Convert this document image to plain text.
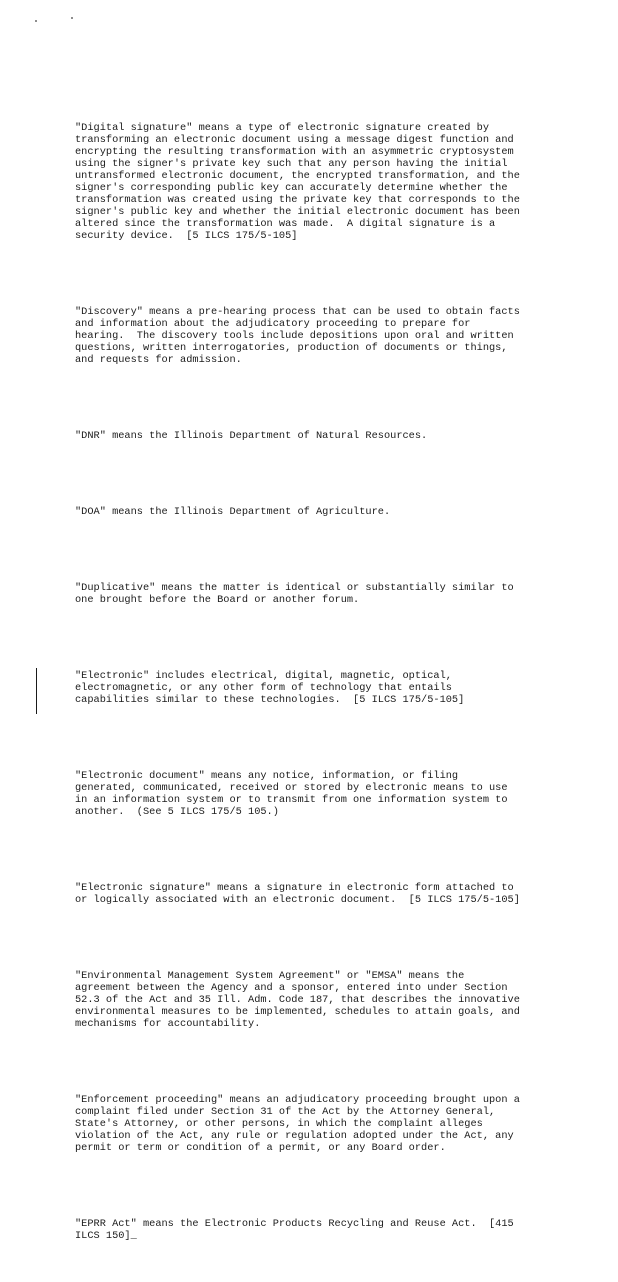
"Digital signature" means a type of electronic signature created by
transforming an electronic document using a message digest function and
encrypting the resulting transformation with an asymmetric cryptosystem
using the signer's private key such that any person having the initial
untransformed electronic document, the encrypted transformation, and the
signer's corresponding public key can accurately determine whether the
transformation was created using the private key that corresponds to the
signer's public key and whether the initial electronic document has been
altered since the transformation was made.  A digital signature is a
security device.  [5 ILCS 175/5-105]

"Discovery" means a pre-hearing process that can be used to obtain facts
and information about the adjudicatory proceeding to prepare for
hearing.  The discovery tools include depositions upon oral and written
questions, written interrogatories, production of documents or things,
and requests for admission.

"DNR" means the Illinois Department of Natural Resources.

"DOA" means the Illinois Department of Agriculture.

"Duplicative" means the matter is identical or substantially similar to
one brought before the Board or another forum.

"Electronic" includes electrical, digital, magnetic, optical,
electromagnetic, or any other form of technology that entails
capabilities similar to these technologies.  [5 ILCS 175/5-105]

"Electronic document" means any notice, information, or filing
generated, communicated, received or stored by electronic means to use
in an information system or to transmit from one information system to
another.  (See 5 ILCS 175/5 105.)

"Electronic signature" means a signature in electronic form attached to
or logically associated with an electronic document.  [5 ILCS 175/5-105]

"Environmental Management System Agreement" or "EMSA" means the
agreement between the Agency and a sponsor, entered into under Section
52.3 of the Act and 35 Ill. Adm. Code 187, that describes the innovative
environmental measures to be implemented, schedules to attain goals, and
mechanisms for accountability.

"Enforcement proceeding" means an adjudicatory proceeding brought upon a
complaint filed under Section 31 of the Act by the Attorney General,
State's Attorney, or other persons, in which the complaint alleges
violation of the Act, any rule or regulation adopted under the Act, any
permit or term or condition of a permit, or any Board order.

"EPRR Act" means the Electronic Products Recycling and Reuse Act.  [415
ILCS 150]_
